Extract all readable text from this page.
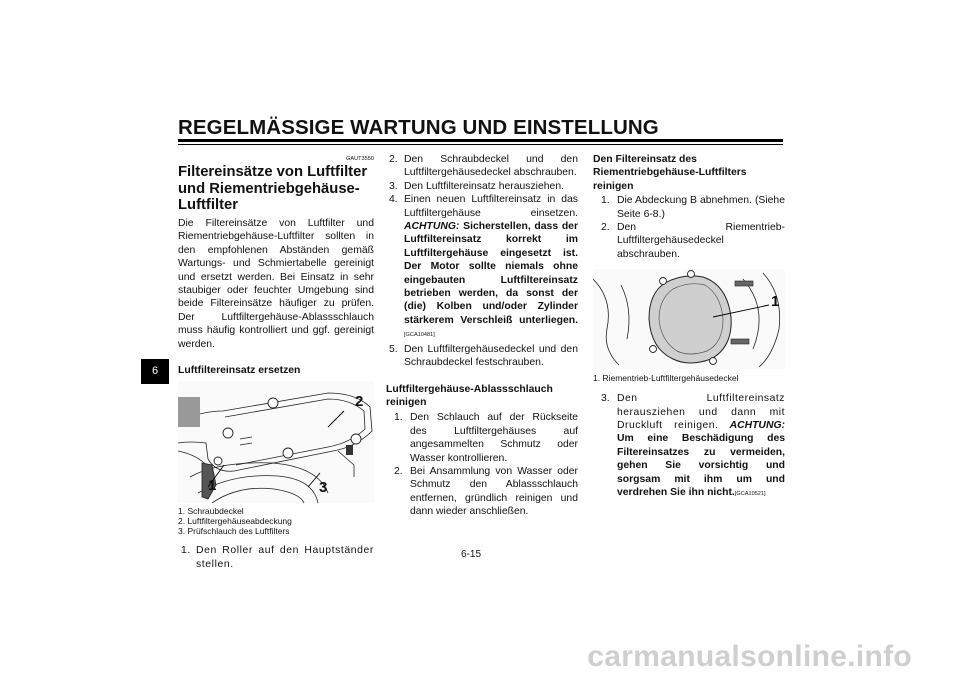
REGELMÄSSIGE WARTUNG UND EINSTELLUNG
6
GAUT3550
Filtereinsätze von Luftfilter und Riementriebgehäuse-Luftfilter

Die Filtereinsätze von Luftfilter und Riementriebgehäuse-Luftfilter sollten in den empfohlenen Abständen gemäß Wartungs- und Schmiertabelle gereinigt und ersetzt werden. Bei Einsatz in sehr staubiger oder feuchter Umgebung sind beide Filtereinsätze häufiger zu prüfen. Der Luftfiltergehäuse-Ablassschlauch muss häufig kontrolliert und ggf. gereinigt werden.

Luftfiltereinsatz ersetzen
1
2
3
1. Schraubdeckel
2. Luftfiltergehäuseabdeckung
3. Prüfschlauch des Luftfilters
1. Den Roller auf den Hauptständer stellen.
2. Den Schraubdeckel und den Luftfiltergehäusedeckel abschrauben.
3. Den Luftfiltereinsatz herausziehen.
4. Einen neuen Luftfiltereinsatz in das Luftfiltergehäuse einsetzen. ACHTUNG: Sicherstellen, dass der Luftfiltereinsatz korrekt im Luftfiltergehäuse eingesetzt ist. Der Motor sollte niemals ohne eingebauten Luftfiltereinsatz betrieben werden, da sonst der (die) Kolben und/oder Zylinder stärkerem Verschleiß unterliegen.[GCA10481]
5. Den Luftfiltergehäusedeckel und den Schraubdeckel festschrauben.
Luftfiltergehäuse-Ablassschlauch reinigen
1. Den Schlauch auf der Rückseite des Luftfiltergehäuses auf angesammelten Schmutz oder Wasser kontrollieren.
2. Bei Ansammlung von Wasser oder Schmutz den Ablassschlauch entfernen, gründlich reinigen und dann wieder anschließen.
Den Filtereinsatz des Riementriebgehäuse-Luftfilters reinigen
1. Die Abdeckung B abnehmen. (Siehe Seite 6-8.)
2. Den Riementrieb-Luftfiltergehäusedeckel abschrauben.
1
1. Riementrieb-Luftfiltergehäusedeckel
3. Den Luftfiltereinsatz herausziehen und dann mit Druckluft reinigen. ACHTUNG: Um eine Beschädigung des Filtereinsatzes zu vermeiden, gehen Sie vorsichtig und sorgsam mit ihm um und verdrehen Sie ihn nicht.[GCA10521]
6-15
carmanualsonline.info
